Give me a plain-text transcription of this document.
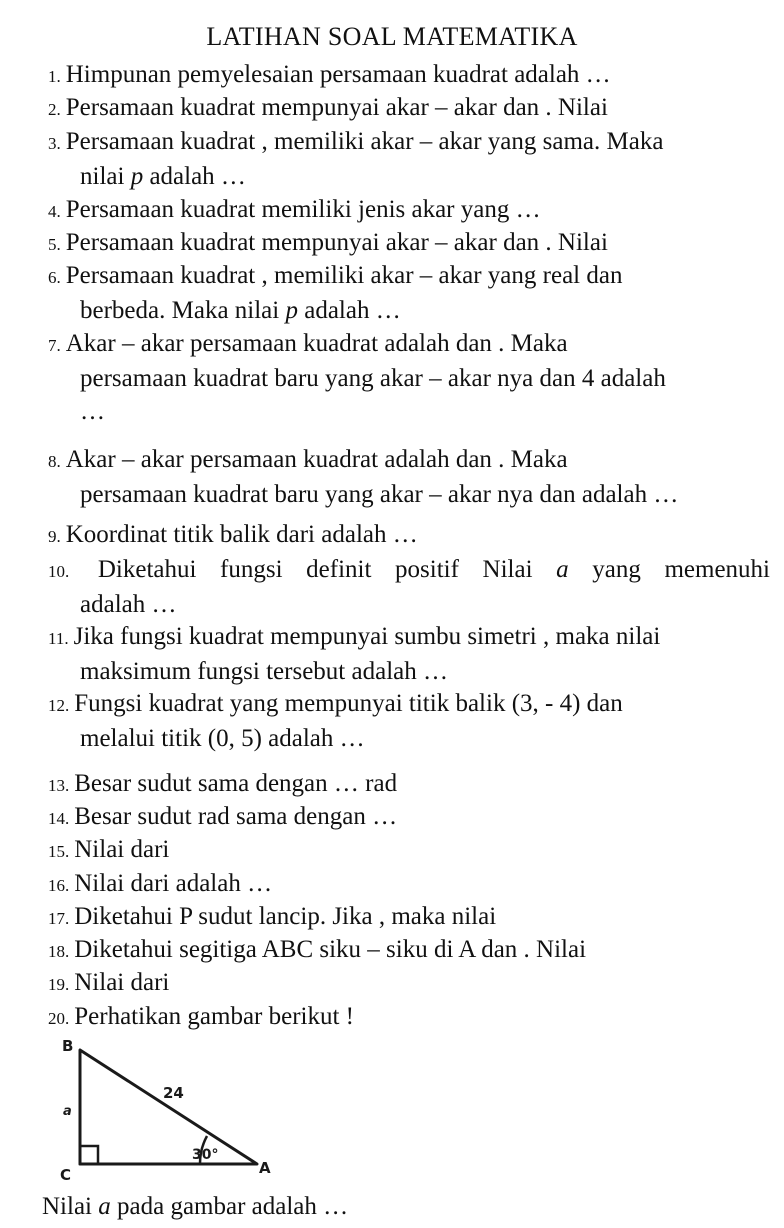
LATIHAN SOAL MATEMATIKA
1. Himpunan pemyelesaian persamaan kuadrat adalah …
2. Persamaan kuadrat mempunyai akar – akar dan . Nilai
3. Persamaan kuadrat , memiliki akar – akar yang sama. Maka
nilai p adalah …
4. Persamaan kuadrat memiliki jenis akar yang …
5. Persamaan kuadrat mempunyai akar – akar dan . Nilai
6. Persamaan kuadrat , memiliki akar – akar yang real dan
berbeda. Maka nilai p adalah …
7. Akar – akar persamaan kuadrat adalah dan . Maka
persamaan kuadrat baru yang akar – akar nya dan 4 adalah
…
8. Akar – akar persamaan kuadrat adalah dan . Maka
persamaan kuadrat baru yang akar – akar nya dan adalah …
9. Koordinat titik balik dari adalah …
10. Diketahui fungsi definit positif Nilai a yang memenuhi
adalah …
11. Jika fungsi kuadrat mempunyai sumbu simetri , maka nilai
maksimum fungsi tersebut adalah …
12. Fungsi kuadrat yang mempunyai titik balik (3, - 4) dan
melalui titik (0, 5) adalah …
13. Besar sudut sama dengan … rad
14. Besar sudut rad sama dengan …
15. Nilai dari
16. Nilai dari adalah …
17. Diketahui P sudut lancip. Jika , maka nilai
18. Diketahui segitiga ABC siku – siku di A dan . Nilai
19. Nilai dari
20. Perhatikan gambar berikut !
B
C	A
a
24
30°
Nilai a pada gambar adalah …
